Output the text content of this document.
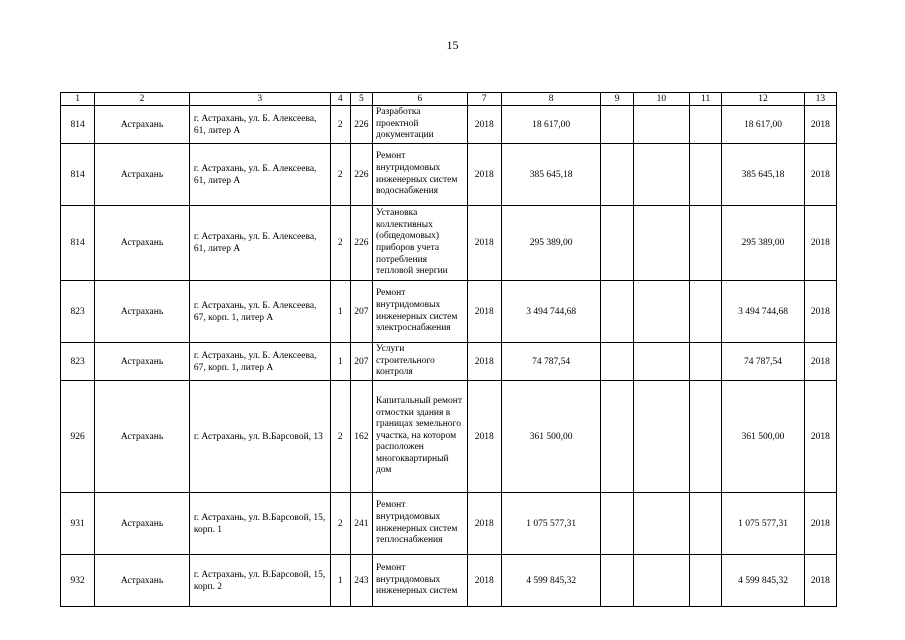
15
1	2	3	4	5	6	7	8	9	10	11	12	13
814	Астрахань	г. Астрахань, ул. Б. Алексеева, 61, литер А	2	226	Разработка проектной документации	2018	18 617,00				18 617,00	2018
814	Астрахань	г. Астрахань, ул. Б. Алексеева, 61, литер А	2	226	Ремонт внутридомовых инженерных систем водоснабжения	2018	385 645,18				385 645,18	2018
814	Астрахань	г. Астрахань, ул. Б. Алексеева, 61, литер А	2	226	Установка коллективных (общедомовых) приборов учета потребления тепловой энергии	2018	295 389,00				295 389,00	2018
823	Астрахань	г. Астрахань, ул. Б. Алексеева, 67, корп. 1, литер А	1	207	Ремонт внутридомовых инженерных систем электроснабжения	2018	3 494 744,68				3 494 744,68	2018
823	Астрахань	г. Астрахань, ул. Б. Алексеева, 67, корп. 1, литер А	1	207	Услуги строительного контроля	2018	74 787,54				74 787,54	2018
926	Астрахань	г. Астрахань, ул. В.Барсовой, 13	2	162	Капитальный ремонт отмостки здания в границах земельного участка, на котором расположен многоквартирный дом	2018	361 500,00				361 500,00	2018
931	Астрахань	г. Астрахань, ул. В.Барсовой, 15, корп. 1	2	241	Ремонт внутридомовых инженерных систем теплоснабжения	2018	1 075 577,31				1 075 577,31	2018
932	Астрахань	г. Астрахань, ул. В.Барсовой, 15, корп. 2	1	243	Ремонт внутридомовых инженерных систем	2018	4 599 845,32				4 599 845,32	2018
